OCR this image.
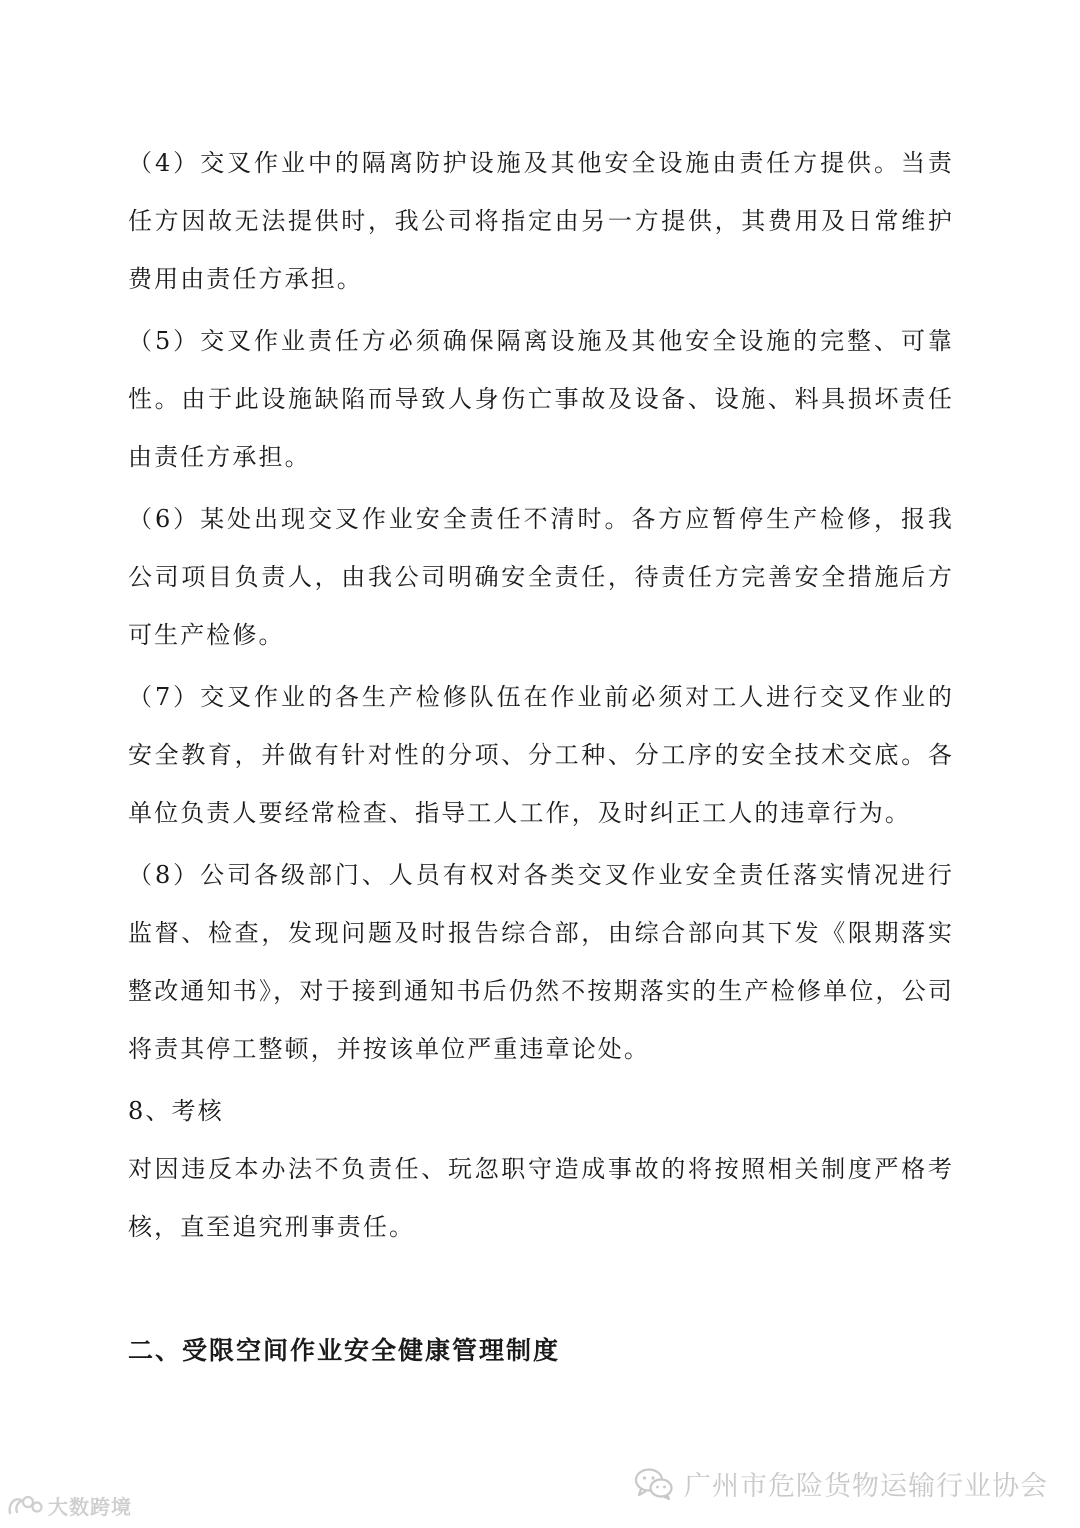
（4）交叉作业中的隔离防护设施及其他安全设施由责任方提供。当责任方因故无法提供时，我公司将指定由另一方提供，其费用及日常维护费用由责任方承担。

（5）交叉作业责任方必须确保隔离设施及其他安全设施的完整、可靠性。由于此设施缺陷而导致人身伤亡事故及设备、设施、料具损坏责任由责任方承担。

（6）某处出现交叉作业安全责任不清时。各方应暂停生产检修，报我公司项目负责人，由我公司明确安全责任，待责任方完善安全措施后方可生产检修。

（7）交叉作业的各生产检修队伍在作业前必须对工人进行交叉作业的安全教育，并做有针对性的分项、分工种、分工序的安全技术交底。各单位负责人要经常检查、指导工人工作，及时纠正工人的违章行为。

（8）公司各级部门、人员有权对各类交叉作业安全责任落实情况进行监督、检查，发现问题及时报告综合部，由综合部向其下发《限期落实整改通知书》，对于接到通知书后仍然不按期落实的生产检修单位，公司将责其停工整顿，并按该单位严重违章论处。

8、考核

对因违反本办法不负责任、玩忽职守造成事故的将按照相关制度严格考核，直至追究刑事责任。

二、受限空间作业安全健康管理制度
广州市危险货物运输行业协会
大数跨境
